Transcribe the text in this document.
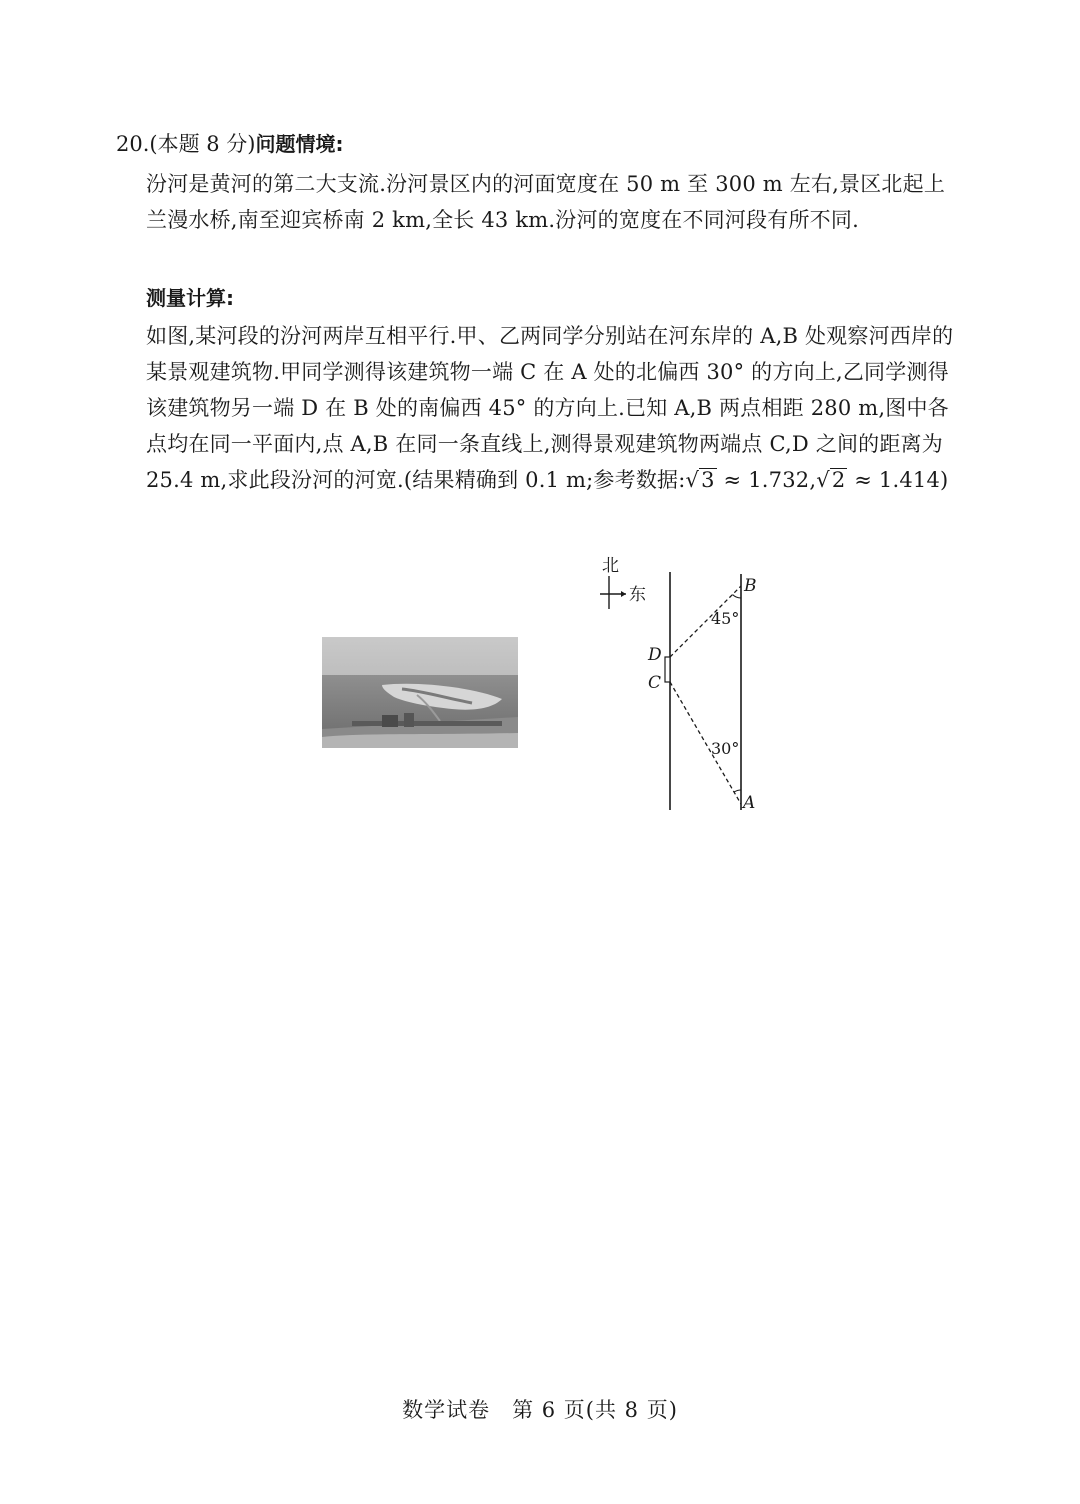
20.(本题 8 分)问题情境:
汾河是黄河的第二大支流.汾河景区内的河面宽度在 50 m 至 300 m 左右,景区北起上兰漫水桥,南至迎宾桥南 2 km,全长 43 km.汾河的宽度在不同河段有所不同.
测量计算:
如图,某河段的汾河两岸互相平行.甲、乙两同学分别站在河东岸的 A,B 处观察河西岸的某景观建筑物.甲同学测得该建筑物一端 C 在 A 处的北偏西 30° 的方向上,乙同学测得该建筑物另一端 D 在 B 处的南偏西 45° 的方向上.已知 A,B 两点相距 280 m,图中各点均在同一平面内,点 A,B 在同一条直线上,测得景观建筑物两端点 C,D 之间的距离为 25.4 m,求此段汾河的河宽.(结果精确到 0.1 m;参考数据:√3 ≈ 1.732,√2 ≈ 1.414)
北
东	B
45°
D
C
30°
A
数学试卷　第 6 页(共 8 页)
